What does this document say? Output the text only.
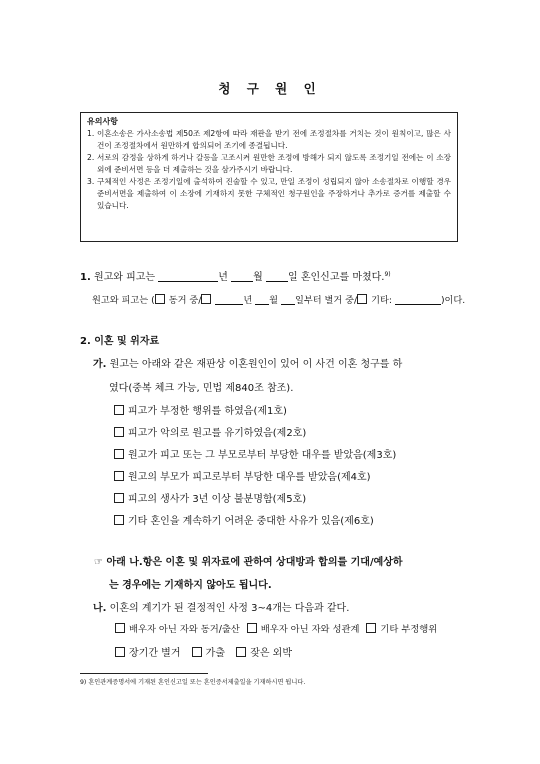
청 구 원 인
유의사항
1. 이혼소송은 가사소송법 제50조 제2항에 따라 재판을 받기 전에 조정절차를 거치는 것이 원칙이고, 많은 사건이 조정절차에서 원만하게 합의되어 조기에 종결됩니다.
2. 서로의 감정을 상하게 하거나 갈등을 고조시켜 원만한 조정에 방해가 되지 않도록 조정기일 전에는 이 소장 외에 준비서면 등을 더 제출하는 것을 삼가주시기 바랍니다.
3. 구체적인 사정은 조정기일에 출석하여 진술할 수 있고, 만일 조정이 성립되지 않아 소송절차로 이행할 경우 준비서면을 제출하여 이 소장에 기재하지 못한 구체적인 청구원인을 주장하거나 추가로 증거를 제출할 수 있습니다.
1. 원고와 피고는	년	월	일 혼인신고를 마쳤다.$^{9)}$
원고와 피고는 ( 동거 중/	년 월 일부터 별거 중/ 기타:	)이다.
2. 이혼 및 위자료
가. 원고는 아래와 같은 재판상 이혼원인이 있어 이 사건 이혼 청구를 하
였다(중복 체크 가능, 민법 제840조 참조).
피고가 부정한 행위를 하였음(제1호)
피고가 악의로 원고를 유기하였음(제2호)
원고가 피고 또는 그 부모로부터 부당한 대우를 받았음(제3호)
원고의 부모가 피고로부터 부당한 대우를 받았음(제4호)
피고의 생사가 3년 이상 불분명함(제5호)
기타 혼인을 계속하기 어려운 중대한 사유가 있음(제6호)
☞ 아래 나.항은 이혼 및 위자료에 관하여 상대방과 합의를 기대/예상하
는 경우에는 기재하지 않아도 됩니다.
나. 이혼의 계기가 된 결정적인 사정 3~4개는 다음과 같다.
배우자 아닌 자와 동거/출산 배우자 아닌 자와 성관계 기타 부정행위
장기간 별거	가출	잦은 외박
9) 혼인관계증명서에 기재된 혼인신고일 또는 혼인증서제출일을 기재하시면 됩니다.
